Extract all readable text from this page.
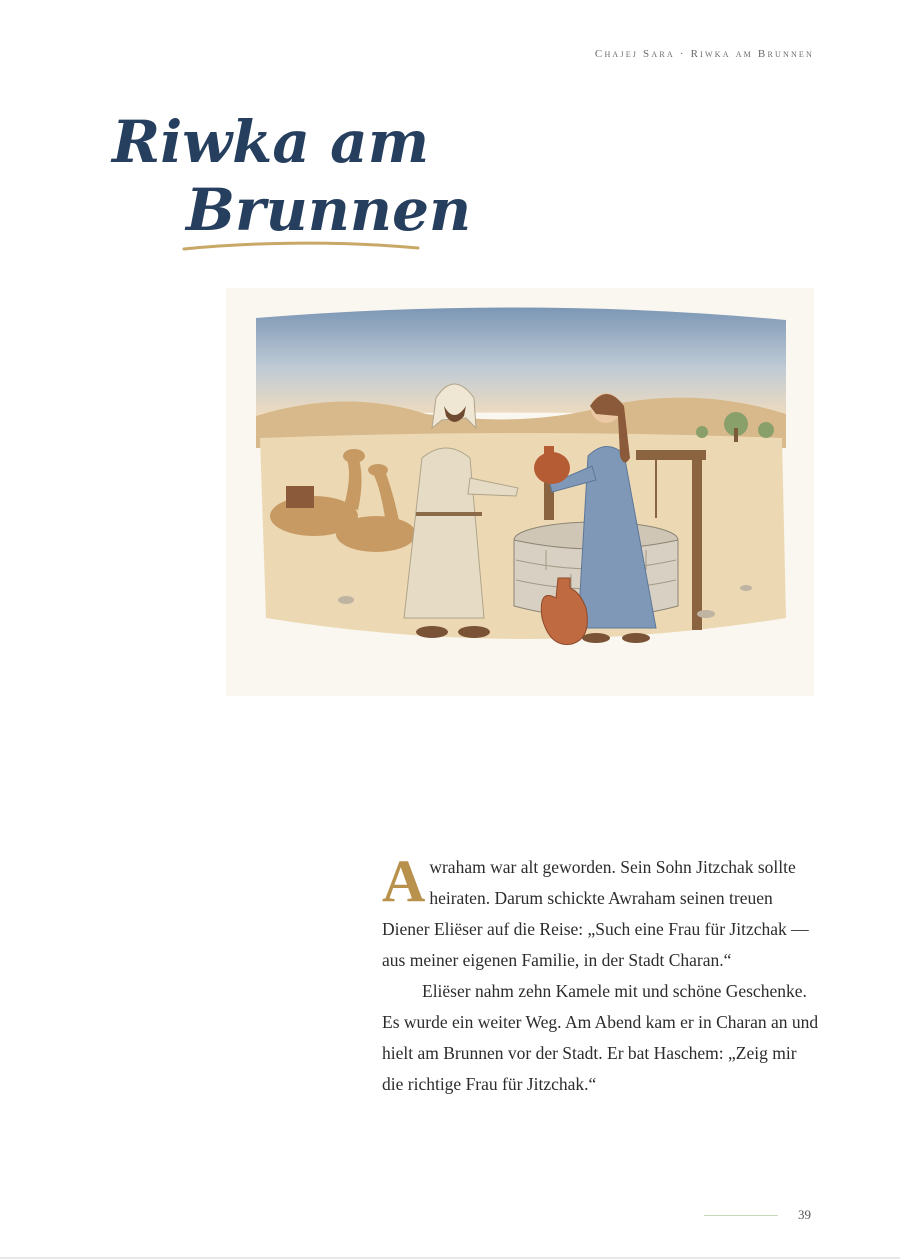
Chajej Sara · Riwka am Brunnen
Riwka am
Brunnen

Awraham war alt geworden. Sein Sohn Jitzchak sollte heiraten. Darum schickte Awraham seinen treuen Diener Eliëser auf die Reise: „Such eine Frau für Jitzchak — aus meiner eigenen Familie, in der Stadt Charan.“

Eliëser nahm zehn Kamele mit und schöne Geschenke. Es wurde ein weiter Weg. Am Abend kam er in Charan an und hielt am Brunnen vor der Stadt. Er bat Haschem: „Zeig mir die richtige Frau für Jitzchak.“

39
